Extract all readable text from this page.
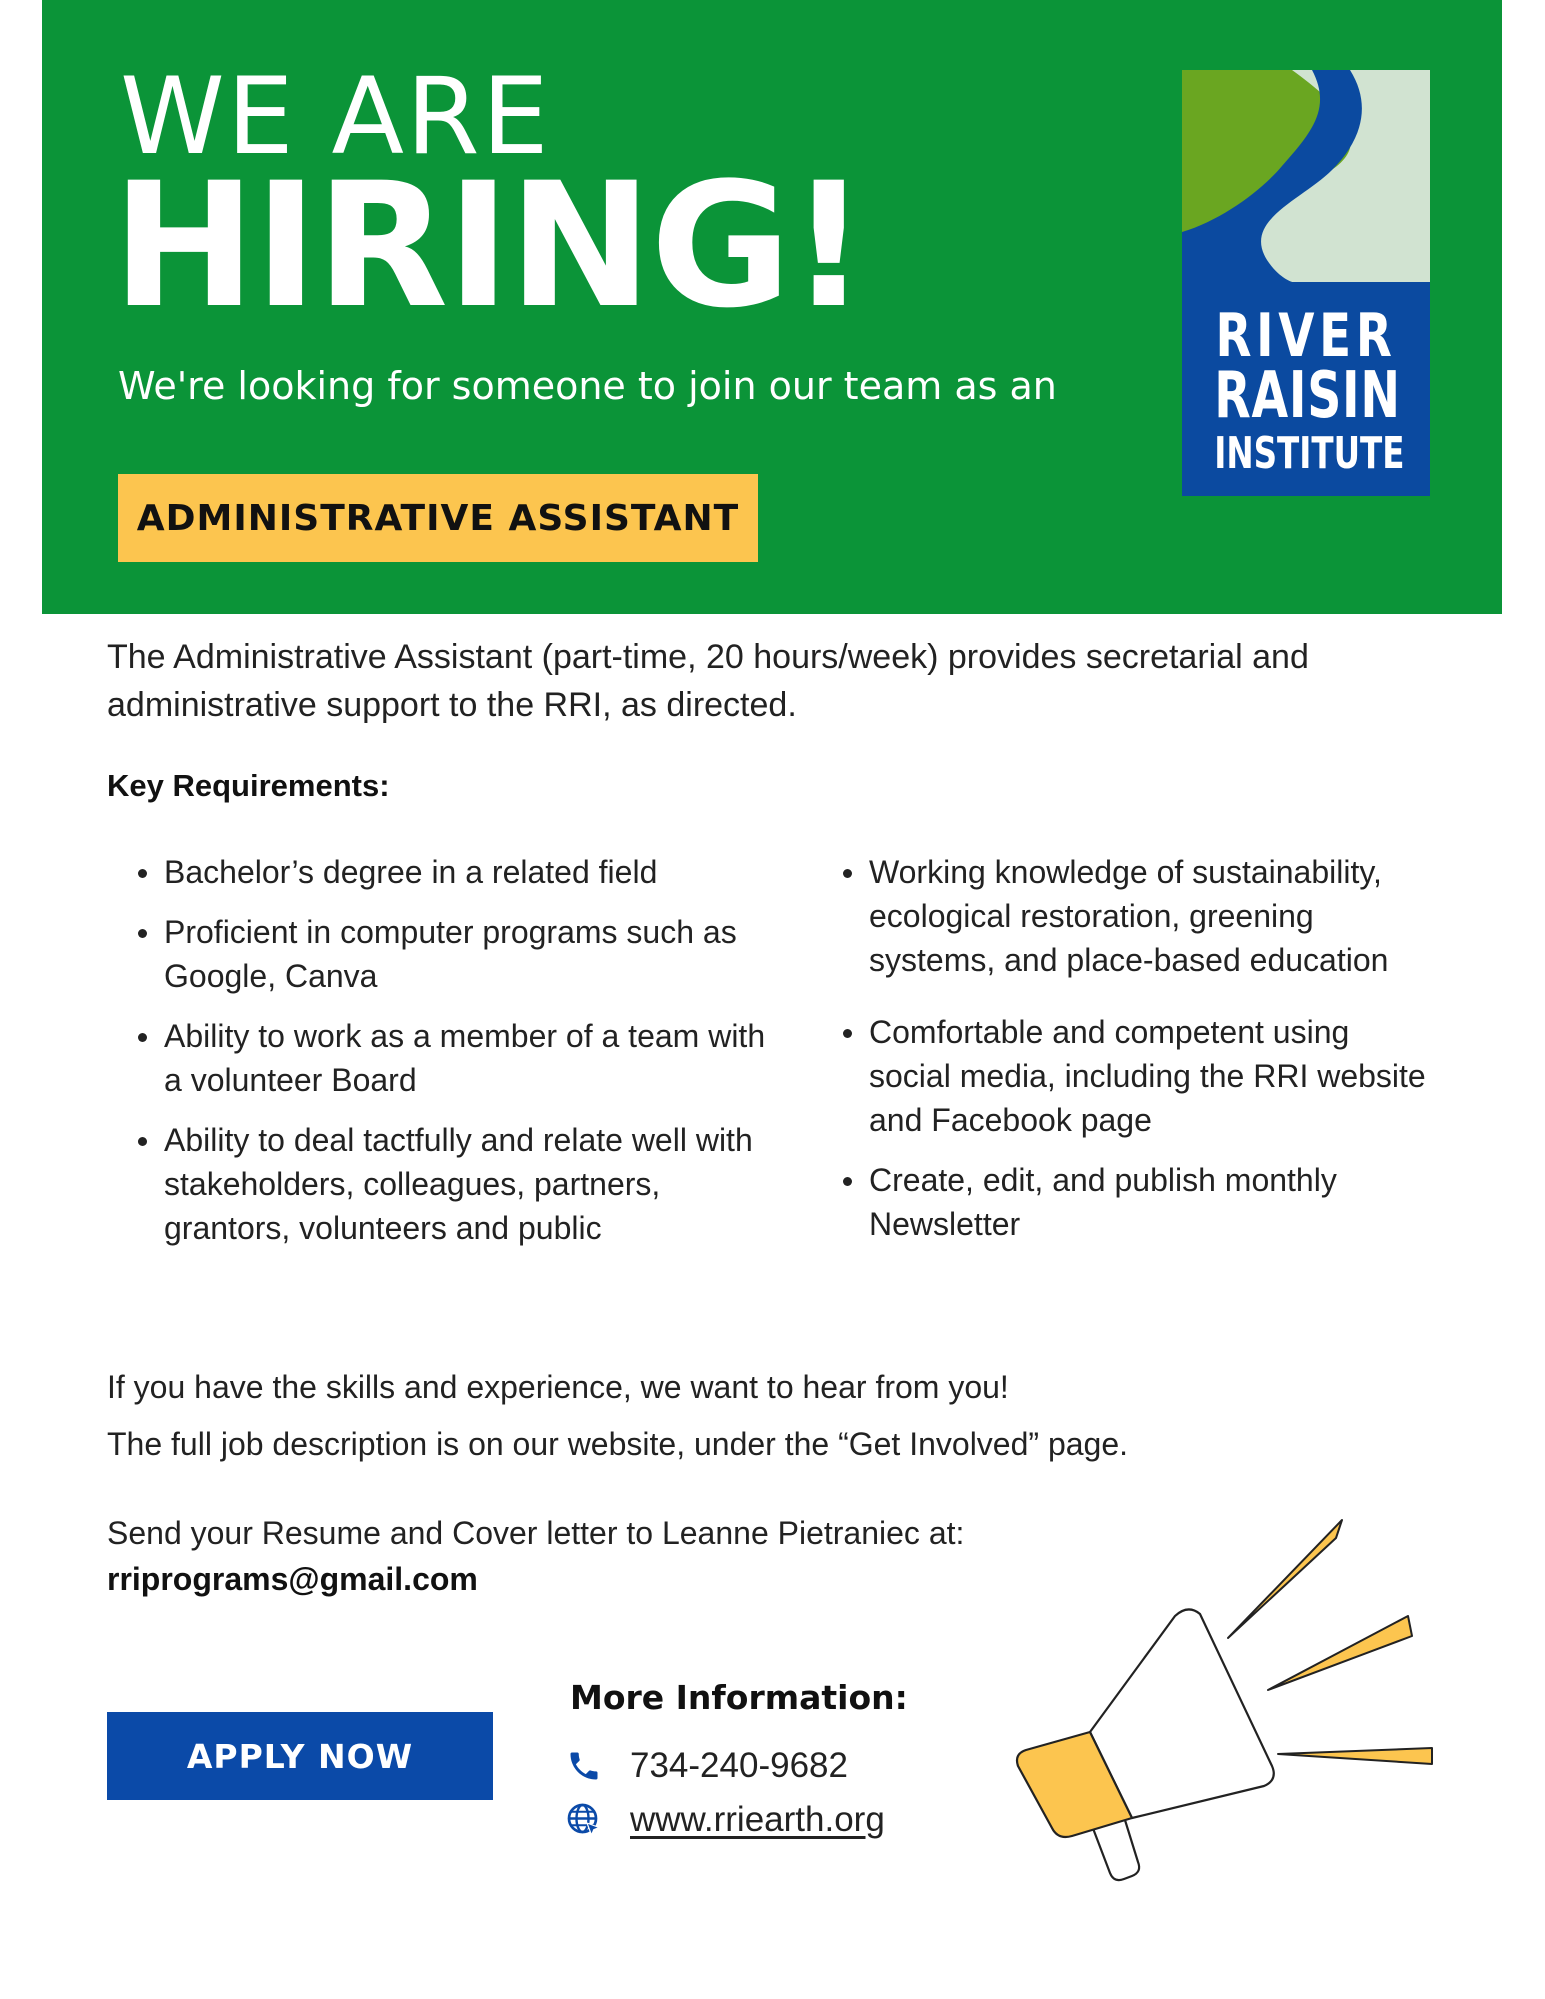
WE ARE
HIRING!

We're looking for someone to join our team as an

ADMINISTRATIVE ASSISTANT
RIVER
RAISIN
INSTITUTE

The Administrative Assistant (part-time, 20 hours/week) provides secretarial and administrative support to the RRI, as directed.

Key Requirements:
Bachelor’s degree in a related field
Proficient in computer programs such as Google, Canva
Ability to work as a member of a team with a volunteer Board
Ability to deal tactfully and relate well with stakeholders, colleagues, partners, grantors, volunteers and public
Working knowledge of sustainability, ecological restoration, greening systems, and place-based education
Comfortable and competent using social media, including the RRI website and Facebook page
Create, edit, and publish monthly Newsletter

If you have the skills and experience, we want to hear from you!

The full job description is on our website, under the “Get Involved” page.

Send your Resume and Cover letter to Leanne Pietraniec at:

rriprograms@gmail.com

APPLY NOW
More Information:
734-240-9682
www.rriearth.org
